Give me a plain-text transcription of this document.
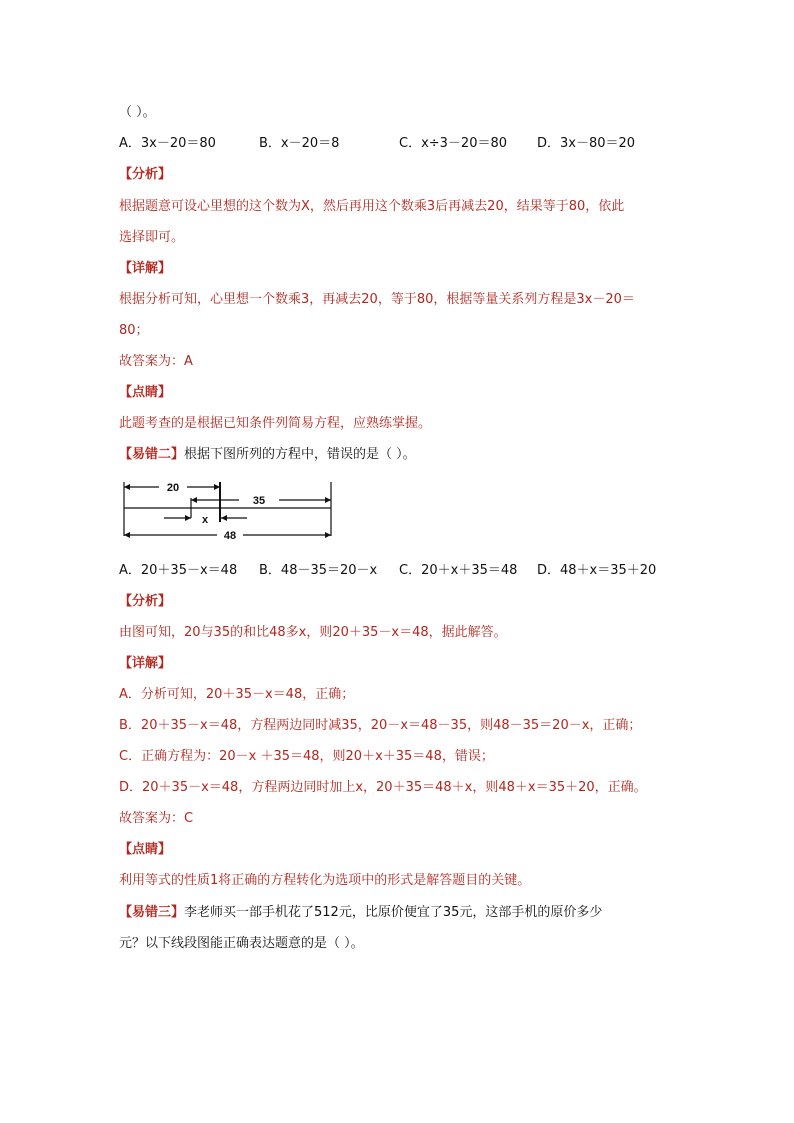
（ ）。
A．3x－20＝80	B．x－20＝8	C．x÷3－20＝80 D．3x－80＝20
【分析】
根据题意可设心里想的这个数为X，然后再用这个数乘3后再减去20，结果等于80，依此
选择即可。
【详解】
根据分析可知，心里想一个数乘3，再减去20，等于80，根据等量关系列方程是3x－20＝
80；
故答案为：A
【点睛】
此题考查的是根据已知条件列简易方程，应熟练掌握。
【易错二】根据下图所列的方程中，错误的是（ ）。
20
35
x
48
A．20＋35－x＝48 B．48－35＝20－x C．20＋x＋35＝48 D．48＋x＝35＋20
【分析】
由图可知，20与35的和比48多x，则20＋35－x＝48，据此解答。
【详解】
A．分析可知，20＋35－x＝48，正确；
B．20＋35－x＝48，方程两边同时减35，20－x＝48－35，则48－35＝20－x，正确；
C．正确方程为：20－x ＋35＝48，则20＋x＋35＝48，错误；
D．20＋35－x＝48，方程两边同时加上x，20＋35＝48＋x，则48＋x＝35＋20，正确。
故答案为：C
【点睛】
利用等式的性质1将正确的方程转化为选项中的形式是解答题目的关键。
【易错三】李老师买一部手机花了512元，比原价便宜了35元，这部手机的原价多少
元？以下线段图能正确表达题意的是（ ）。
